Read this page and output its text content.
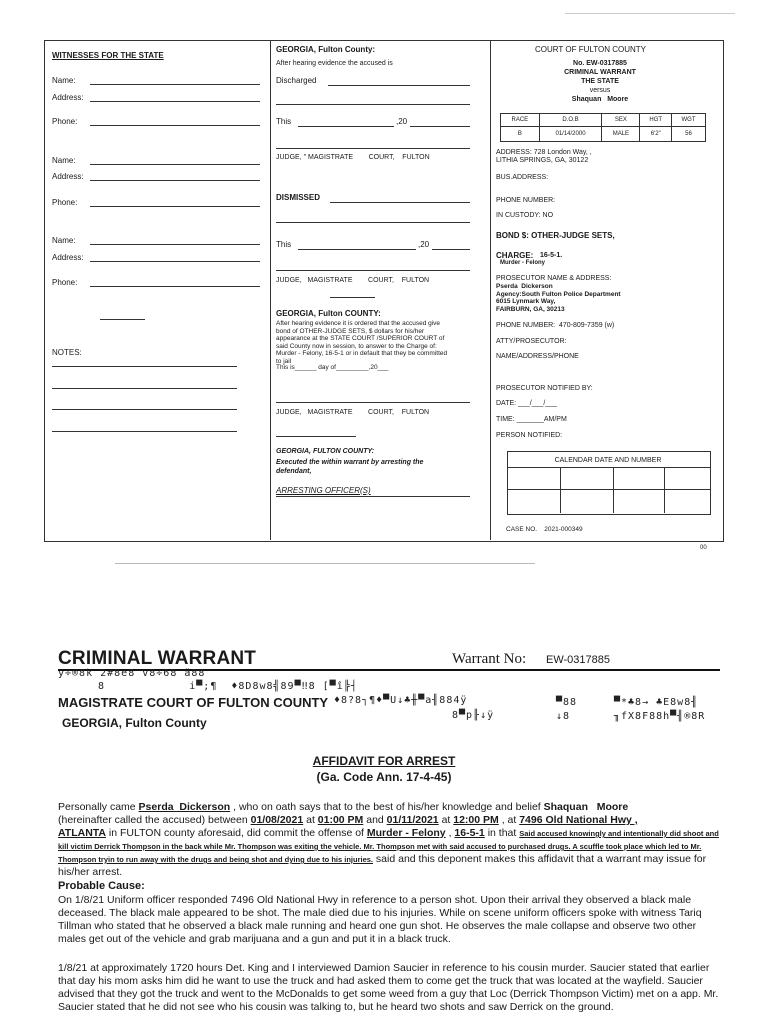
WITNESSES FOR THE STATE
Name:
Address:
Phone:
Name:
Address:
Phone:
Name:
Address:
Phone:
NOTES:
GEORGIA, Fulton County:
After hearing evidence the accused is
Discharged
This	,20
JUDGE, " MAGISTRATE        COURT,    FULTON
DISMISSED
This	,20
JUDGE,   MAGISTRATE        COURT,    FULTON
GEORGIA, Fulton COUNTY:
After hearing evidence it is ordered that the accused give bond of OTHER-JUDGE SETS, $ dollars for his/her appearance at the STATE COURT /SUPERIOR COURT of said County now in session, to answer to the Charge of: Murder - Felony, 16-5-1 or in default that they be committed to jail
This is______ day of_________,20___
JUDGE,   MAGISTRATE        COURT,    FULTON
GEORGIA, FULTON COUNTY:
Executed the within warrant by arresting the defendant,
ARRESTING OFFICER(S)
COURT OF FULTON COUNTY
No. EW-0317885
CRIMINAL WARRANT
THE STATE
versus
Shaquan   Moore
RACE	D.O.B	SEX	HGT	WGT
B	01/14/2000	MALE	6'2"	56
ADDRESS: 728 London Way, ,
LITHIA SPRINGS, GA, 30122
BUS.ADDRESS:
PHONE NUMBER:
IN CUSTODY: NO
BOND $: OTHER-JUDGE SETS,
CHARGE: 16-5-1.
Murder - Felony
PROSECUTOR NAME & ADDRESS:
Pserda  Dickerson
Agency:South Fulton Police Department
6015 Lynmark Way,
FAIRBURN, GA, 30213
PHONE NUMBER:  470-809-7359 (w)
ATTY/PROSECUTOR:
NAME/ADDRESS/PHONE
PROSECUTOR NOTIFIED BY:
DATE: ___/___/___
TIME: _______AM/PM
PERSON NOTIFIED:
CALENDAR DATE AND NUMBER
CASE NO.    2021-000349
00
CRIMINAL WARRANT	Warrant No: EW-0317885
y÷®8k 2#8e8 v8÷68 ä88
8            i▀;¶  ♦8D8w8╣89▀‼8 [▀î╠┤
MAGISTRATE COURT OF FULTON COUNTY ♦8?8┐¶♦▀U↓♣╫▀a╢884ÿ
8▀p╟↓ÿ
▀88
↓8
▀*♣8→ ♣E8w8╢
╖fX8F88h▀╢®8R
GEORGIA, Fulton County
AFFIDAVIT FOR ARREST
(Ga. Code Ann. 17-4-45)
Personally came Pserda  Dickerson , who on oath says that to the best of his/her knowledge and belief Shaquan   Moore
(hereinafter called the accused) between 01/08/2021 at 01:00 PM and 01/11/2021 at 12:00 PM , at 7496 Old National Hwy ,
ATLANTA in FULTON county aforesaid, did commit the offense of Murder - Felony , 16-5-1 in that Said accused knowingly and intentionally did shoot and kill victim Derrick Thompson in the back while Mr. Thompson was exiting the vehicle. Mr. Thompson met with said accused to purchased drugs. A scuffle took place which led to Mr. Thompson tryin to run away with the drugs and being shot and dying due to his injuries. said and this deponent makes this affidavit that a warrant may issue for his/her arrest.
Probable Cause:
On 1/8/21 Uniform officer responded 7496 Old National Hwy in reference to a person shot. Upon their arrival they observed a black male deceased. The black male appeared to be shot. The male died due to his injuries. While on scene uniform officers spoke with witness Tariq Tillman who stated that he observed a black male running and heard one gun shot. He observes the male collapse and observe two other males get out of the vehicle and grab marijuana and a gun and put it in a black truck.
1/8/21 at approximately 1720 hours Det. King and I interviewed Damion Saucier in reference to his cousin murder. Saucier stated that earlier that day his mom asks him did he want to use the truck and had asked them to come get the truck that was located at the wayfield. Saucier advised that they got the truck and went to the McDonalds to get some weed from a guy that Loc (Derrick Thompson Victim) met on a app. Mr. Saucier stated that he did not see who his cousin was talking to, but he heard two shots and saw Derrick on the ground.
